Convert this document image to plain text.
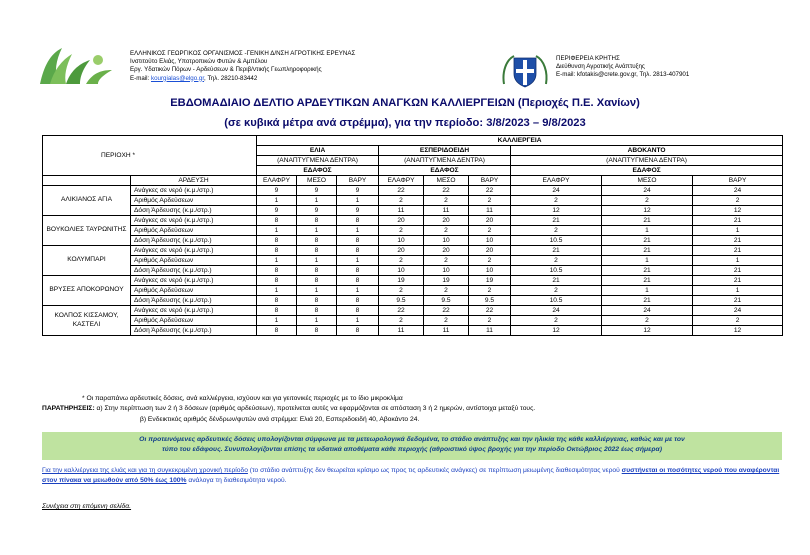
ΕΛΛΗΝΙΚΟΣ ΓΕΩΡΓΙΚΟΣ ΟΡΓΑΝΙΣΜΟΣ -ΓΕΝΙΚΗ Δ/ΝΣΗ ΑΓΡΟΤΙΚΗΣ ΕΡΕΥΝΑΣ
Ινστιτούτο Ελιάς, Υποτροπικών Φυτών & Αμπέλου
Εργ. Υδατικών Πόρων - Αρδεύσεων & Περιβ/ντικής Γεωπληροφορικής
E-mail: kourgialas@elgo.gr, Τηλ. 28210-83442
ΠΕΡΙΦΕΡΕΙΑ ΚΡΗΤΗΣ
Διεύθυνση Αγροτικής Ανάπτυξης
E-mail: kfotakis@crete.gov.gr, Τηλ. 2813-407901
ΕΒΔΟΜΑΔΙΑΙΟ ΔΕΛΤΙΟ ΑΡΔΕΥΤΙΚΩΝ ΑΝΑΓΚΩΝ ΚΑΛΛΙΕΡΓΕΙΩΝ (Περιοχές Π.Ε. Χανίων)
(σε κυβικά μέτρα ανά στρέμμα), για την περίοδο: 3/8/2023 – 9/8/2023
ΠΕΡΙΟΧΗ *		ΚΑΛΛΙΕΡΓΕΙΑ								
		ΕΛΙΑ			ΕΣΠΕΡΙΔΟΕΙΔΗ			ΑΒΟΚΑΝΤΟ		
		(ΑΝΑΠΤΥΓΜΕΝΑ ΔΕΝΤΡΑ)			(ΑΝΑΠΤΥΓΜΕΝΑ ΔΕΝΤΡΑ)			(ΑΝΑΠΤΥΓΜΕΝΑ ΔΕΝΤΡΑ)		
		ΕΔΑΦΟΣ			ΕΔΑΦΟΣ			ΕΔΑΦΟΣ		
	ΑΡΔΕΥΣΗ	ΕΛΑΦΡΥ	ΜΕΣΟ	ΒΑΡΥ	ΕΛΑΦΡΥ	ΜΕΣΟ	ΒΑΡΥ	ΕΛΑΦΡΥ	ΜΕΣΟ	ΒΑΡΥ
ΑΛΙΚΙΑΝΟΣ ΑΓΙΑ	Ανάγκες σε νερό (κ.μ./στρ.)	9	9	9	22	22	22	24	24	24
	Αριθμός Αρδεύσεων	1	1	1	2	2	2	2	2	2
	Δόση Άρδευσης (κ.μ./στρ.)	9	9	9	11	11	11	12	12	12
ΒΟΥΚΟΛΙΕΣ ΤΑΥΡΩΝΙΤΗΣ	Ανάγκες σε νερό (κ.μ./στρ.)	8	8	8	20	20	20	21	21	21
	Αριθμός Αρδεύσεων	1	1	1	2	2	2	2	1	1
	Δόση Άρδευσης (κ.μ./στρ.)	8	8	8	10	10	10	10.5	21	21
ΚΟΛΥΜΠΑΡΙ	Ανάγκες σε νερό (κ.μ./στρ.)	8	8	8	20	20	20	21	21	21
	Αριθμός Αρδεύσεων	1	1	1	2	2	2	2	1	1
	Δόση Άρδευσης (κ.μ./στρ.)	8	8	8	10	10	10	10.5	21	21
ΒΡΥΣΕΣ ΑΠΟΚΟΡΩΝΟΥ	Ανάγκες σε νερό (κ.μ./στρ.)	8	8	8	19	19	19	21	21	21
	Αριθμός Αρδεύσεων	1	1	1	2	2	2	2	1	1
	Δόση Άρδευσης (κ.μ./στρ.)	8	8	8	9.5	9.5	9.5	10.5	21	21
ΚΟΛΠΟΣ ΚΙΣΣΑΜΟΥ, ΚΑΣΤΕΛΙ	Ανάγκες σε νερό (κ.μ./στρ.)	8	8	8	22	22	22	24	24	24
	Αριθμός Αρδεύσεων	1	1	1	2	2	2	2	2	2
	Δόση Άρδευσης (κ.μ./στρ.)	8	8	8	11	11	11	12	12	12
* Οι παραπάνω αρδευτικές δόσεις, ανά καλλιέργεια, ισχύουν και για γειτονικές περιοχές με το ίδιο μικροκλίμα
ΠΑΡΑΤΗΡΗΣΕΙΣ: α) Στην περίπτωση των 2 ή 3 δόσεων (αριθμός αρδεύσεων), προτείνεται αυτές να εφαρμόζονται σε απόσταση 3 ή 2 ημερών, αντίστοιχα μεταξύ τους.
β) Ενδεικτικός αριθμός δένδρων/φυτών ανά στρέμμα: Ελιά 20, Εσπεριδοειδή 40, Αβοκάντο 24.
Οι προτεινόμενες αρδευτικές δόσεις υπολογίζονται σύμφωνα με τα μετεωρολογικά δεδομένα, το στάδιο ανάπτυξης και την ηλικία της κάθε καλλιέργειας, καθώς και με τον
τύπο του εδάφους. Συνυπολογίζονται επίσης τα υδατικά αποθέματα κάθε περιοχής (αθροιστικό ύψος βροχής για την περίοδο Οκτώβριος 2022 έως σήμερα)
Για την καλλιέργεια της ελιάς και για τη συγκεκριμένη χρονική περίοδο (το στάδιο ανάπτυξης δεν θεωρείται κρίσιμο ως προς τις αρδευτικές ανάγκες) σε περίπτωση μειωμένης διαθεσιμότητας νερού συστήνεται οι ποσότητες νερού που αναφέρονται στον πίνακα να μειωθούν από 50% έως 100% ανάλογα τη διαθεσιμότητα νερού.
Συνέχεια στη επόμενη σελίδα.
